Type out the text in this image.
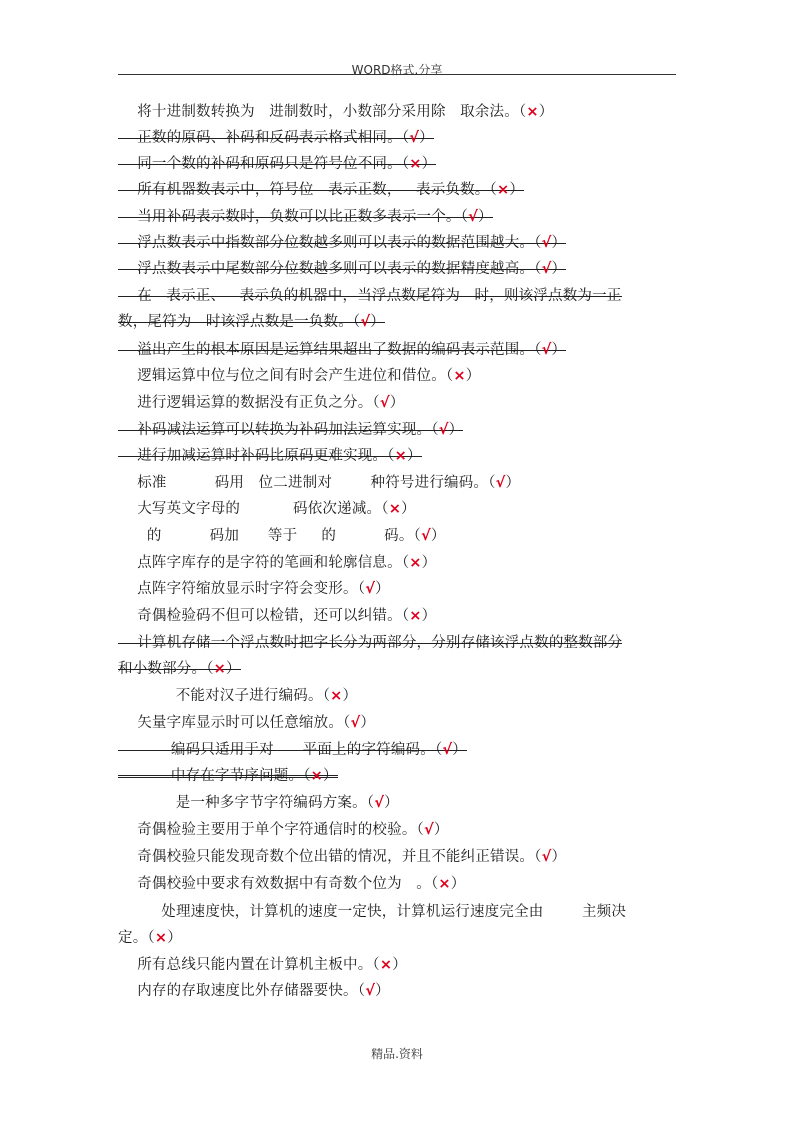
WORD格式.分享
将十进制数转换为   进制数时，小数部分采用除   取余法。（×）
正数的原码、补码和反码表示格式相同。（√）
同一个数的补码和原码只是符号位不同。（×）
所有机器数表示中，符号位   表示正数，   表示负数。（×）
当用补码表示数时，负数可以比正数多表示一个。（√）
浮点数表示中指数部分位数越多则可以表示的数据范围越大。（√）
浮点数表示中尾数部分位数越多则可以表示的数据精度越高。（√）
在   表示正、   表示负的机器中，当浮点数尾符为   时，则该浮点数为一正
数，尾符为   时该浮点数是一负数。（√）
溢出产生的根本原因是运算结果超出了数据的编码表示范围。（√）
逻辑运算中位与位之间有时会产生进位和借位。（×）
进行逻辑运算的数据没有正负之分。（√）
补码减法运算可以转换为补码加法运算实现。（√）
进行加减运算时补码比原码更难实现。（×）
标准          码用   位二进制对        种符号进行编码。（√）
大写英文字母的           码依次递减。（×）
的          码加      等于     的          码。（√）
点阵字库存的是字符的笔画和轮廓信息。（×）
点阵字符缩放显示时字符会变形。（√）
奇偶检验码不但可以检错，还可以纠错。（×）
计算机存储一个浮点数时把字长分为两部分，分别存储该浮点数的整数部分
和小数部分。（×）
不能对汉子进行编码。（×）
矢量字库显示时可以任意缩放。（√）
编码只适用于对      平面上的字符编码。（√）
中存在字节序问题。（×）
是一种多字节字符编码方案。（√）
奇偶检验主要用于单个字符通信时的校验。（√）
奇偶校验只能发现奇数个位出错的情况，并且不能纠正错误。（√）
奇偶校验中要求有效数据中有奇数个位为   。（×）
处理速度快，计算机的速度一定快，计算机运行速度完全由        主频决
定。（×）
所有总线只能内置在计算机主板中。（×）
内存的存取速度比外存储器要快。（√）
精品.资料
